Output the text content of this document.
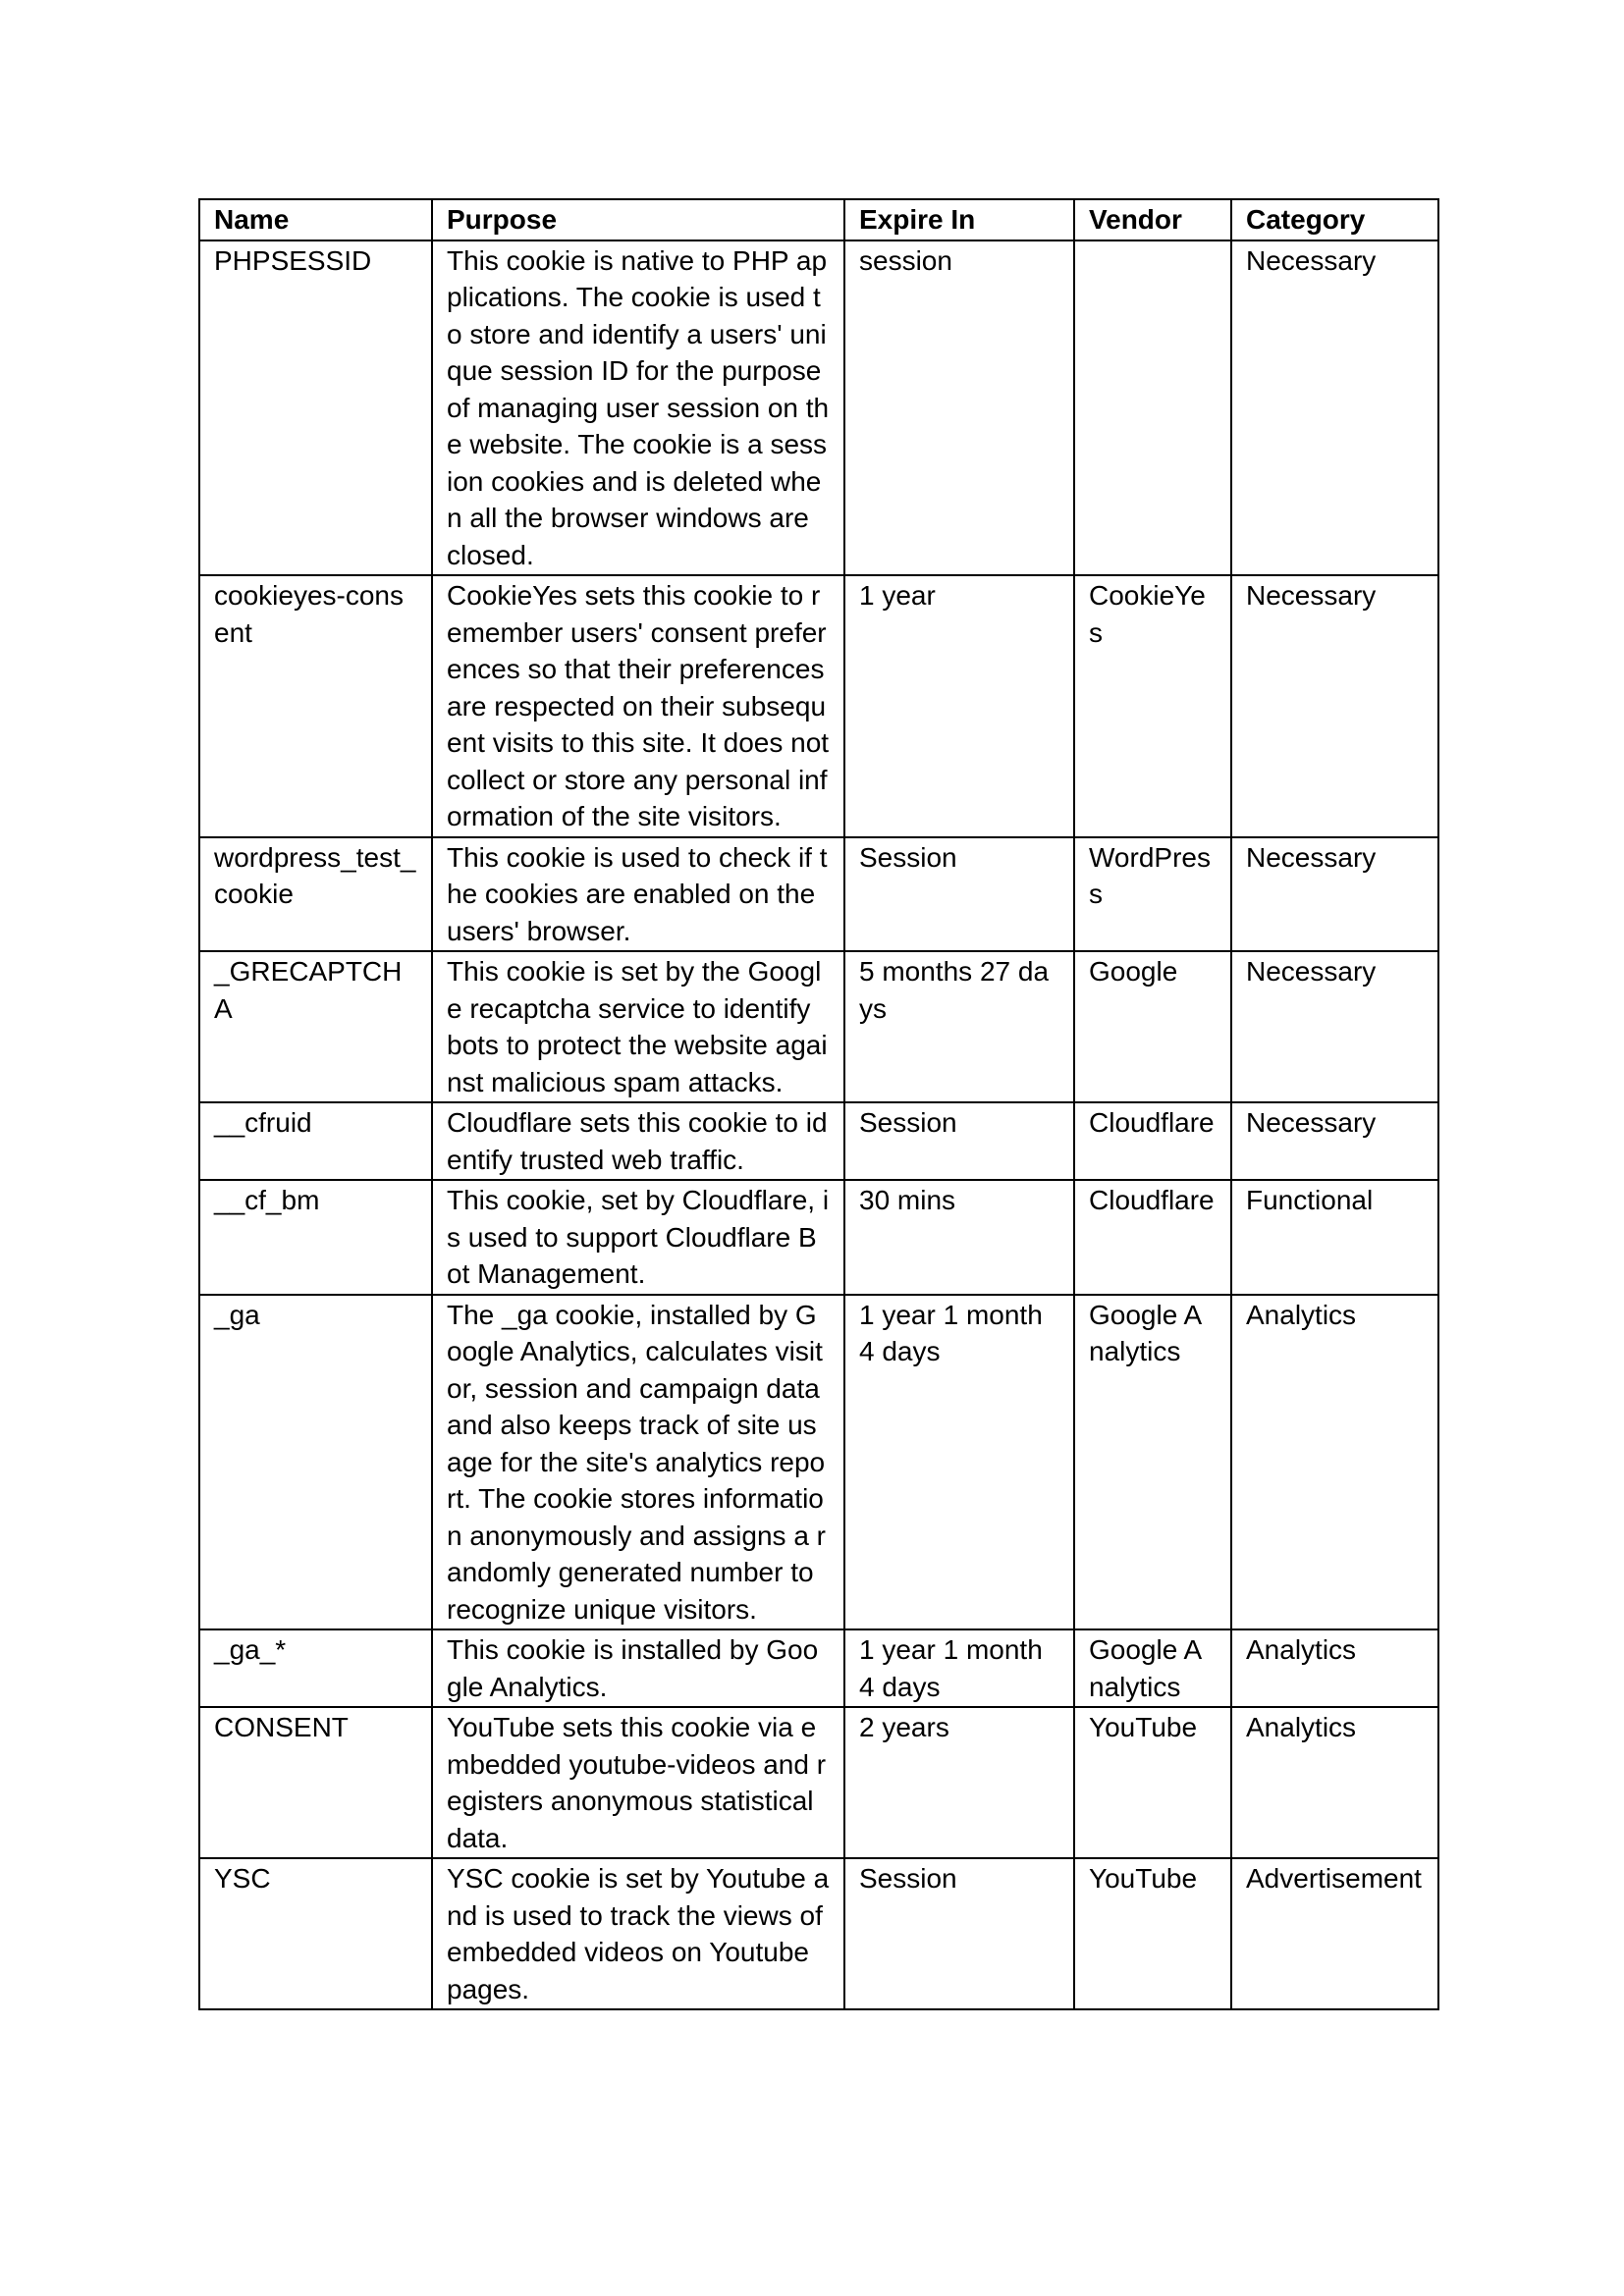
Name	Purpose	Expire In	Vendor	Category
PHPSESSID	This cookie is native to PHP applications. The cookie is used to store and identify a users' unique session ID for the purpose of managing user session on the website. The cookie is a session cookies and is deleted when all the browser windows are closed.	session		Necessary
cookieyes-consent	CookieYes sets this cookie to remember users' consent preferences so that their preferences are respected on their subsequent visits to this site. It does not collect or store any personal information of the site visitors.	1 year	CookieYes	Necessary
wordpress_test_cookie	This cookie is used to check if the cookies are enabled on the users' browser.	Session	WordPress	Necessary
_GRECAPTCHA	This cookie is set by the Google recaptcha service to identify bots to protect the website against malicious spam attacks.	5 months 27 days	Google	Necessary
__cfruid	Cloudflare sets this cookie to identify trusted web traffic.	Session	Cloudflare	Necessary
__cf_bm	This cookie, set by Cloudflare, is used to support Cloudflare Bot Management.	30 mins	Cloudflare	Functional
_ga	The _ga cookie, installed by Google Analytics, calculates visitor, session and campaign data and also keeps track of site usage for the site's analytics report. The cookie stores information anonymously and assigns a randomly generated number to recognize unique visitors.	1 year 1 month 4 days	Google Analytics	Analytics
_ga_*	This cookie is installed by Google Analytics.	1 year 1 month 4 days	Google Analytics	Analytics
CONSENT	YouTube sets this cookie via embedded youtube-videos and registers anonymous statistical data.	2 years	YouTube	Analytics
YSC	YSC cookie is set by Youtube and is used to track the views of embedded videos on Youtube pages.	Session	YouTube	Advertisement
